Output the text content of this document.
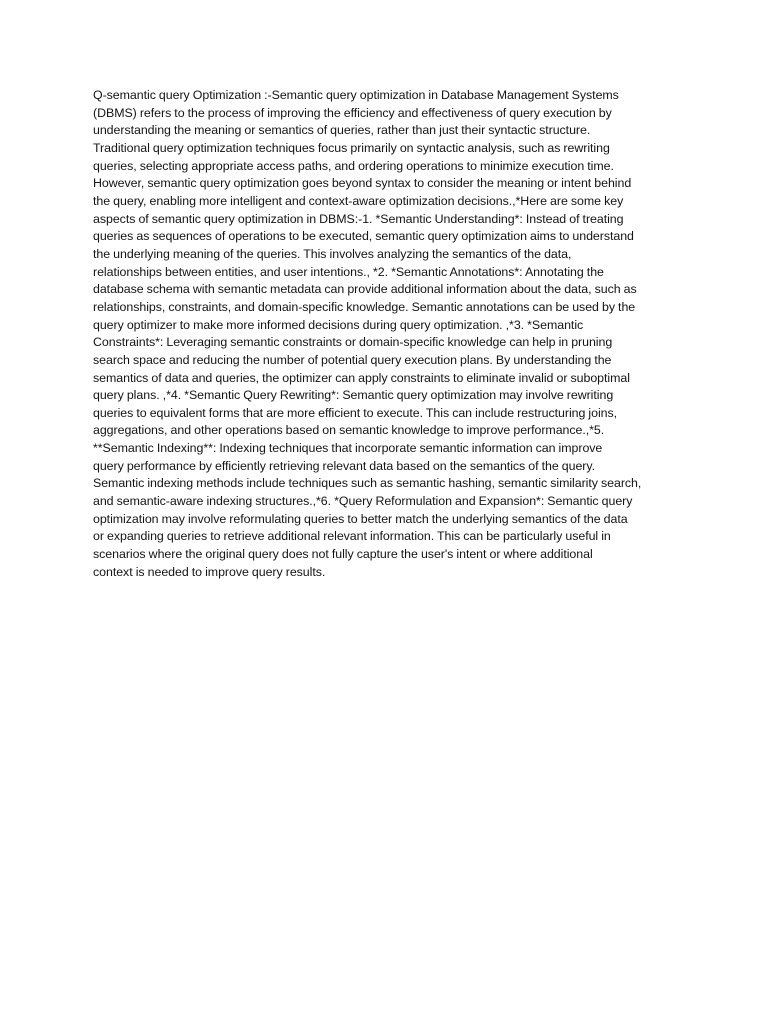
Q-semantic query Optimization :-Semantic query optimization in Database Management Systems
(DBMS) refers to the process of improving the efficiency and effectiveness of query execution by
understanding the meaning or semantics of queries, rather than just their syntactic structure.
Traditional query optimization techniques focus primarily on syntactic analysis, such as rewriting
queries, selecting appropriate access paths, and ordering operations to minimize execution time.
However, semantic query optimization goes beyond syntax to consider the meaning or intent behind
the query, enabling more intelligent and context-aware optimization decisions.,*Here are some key
aspects of semantic query optimization in DBMS:-1. *Semantic Understanding*: Instead of treating
queries as sequences of operations to be executed, semantic query optimization aims to understand
the underlying meaning of the queries. This involves analyzing the semantics of the data,
relationships between entities, and user intentions., *2. *Semantic Annotations*: Annotating the
database schema with semantic metadata can provide additional information about the data, such as
relationships, constraints, and domain-specific knowledge. Semantic annotations can be used by the
query optimizer to make more informed decisions during query optimization. ,*3. *Semantic
Constraints*: Leveraging semantic constraints or domain-specific knowledge can help in pruning
search space and reducing the number of potential query execution plans. By understanding the
semantics of data and queries, the optimizer can apply constraints to eliminate invalid or suboptimal
query plans. ,*4. *Semantic Query Rewriting*: Semantic query optimization may involve rewriting
queries to equivalent forms that are more efficient to execute. This can include restructuring joins,
aggregations, and other operations based on semantic knowledge to improve performance.,*5.
**Semantic Indexing**: Indexing techniques that incorporate semantic information can improve
query performance by efficiently retrieving relevant data based on the semantics of the query.
Semantic indexing methods include techniques such as semantic hashing, semantic similarity search,
and semantic-aware indexing structures.,*6. *Query Reformulation and Expansion*: Semantic query
optimization may involve reformulating queries to better match the underlying semantics of the data
or expanding queries to retrieve additional relevant information. This can be particularly useful in
scenarios where the original query does not fully capture the user's intent or where additional
context is needed to improve query results.
